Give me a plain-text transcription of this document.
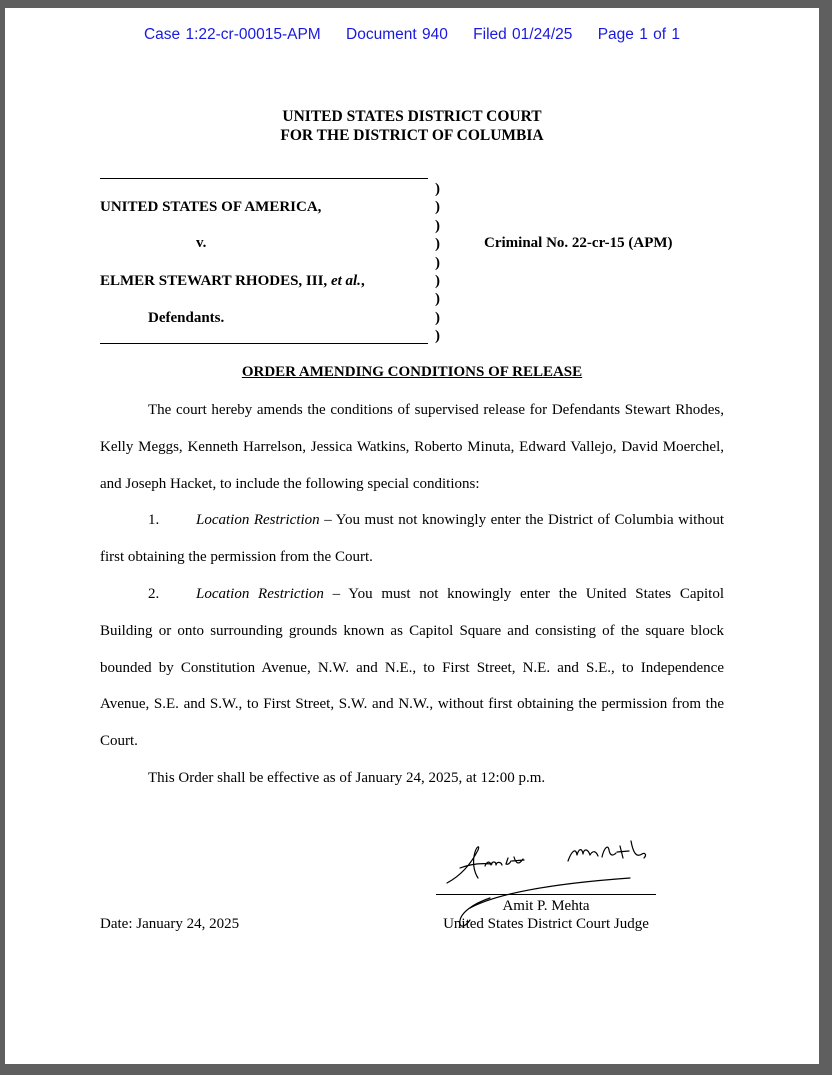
Case 1:22-cr-00015-APM Document 940 Filed 01/24/25 Page 1 of 1
UNITED STATES DISTRICT COURT
FOR THE DISTRICT OF COLUMBIA
UNITED STATES OF AMERICA,
v.
ELMER STEWART RHODES, III, et al.,
Defendants.
)
)
)
)
)
)
)
)
)
Criminal No. 22-cr-15 (APM)
ORDER AMENDING CONDITIONS OF RELEASE

The court hereby amends the conditions of supervised release for Defendants Stewart Rhodes, Kelly Meggs, Kenneth Harrelson, Jessica Watkins, Roberto Minuta, Edward Vallejo, David Moerchel, and Joseph Hacket, to include the following special conditions:

1. Location Restriction – You must not knowingly enter the District of Columbia without first obtaining the permission from the Court.

2. Location Restriction – You must not knowingly enter the United States Capitol Building or onto surrounding grounds known as Capitol Square and consisting of the square block bounded by Constitution Avenue, N.W. and N.E., to First Street, N.E. and S.E., to Independence Avenue, S.E. and S.W., to First Street, S.W. and N.W., without first obtaining the permission from the Court.

This Order shall be effective as of January 24, 2025, at 12:00 p.m.

Amit P. Mehta
United States District Court Judge
Date: January 24, 2025
